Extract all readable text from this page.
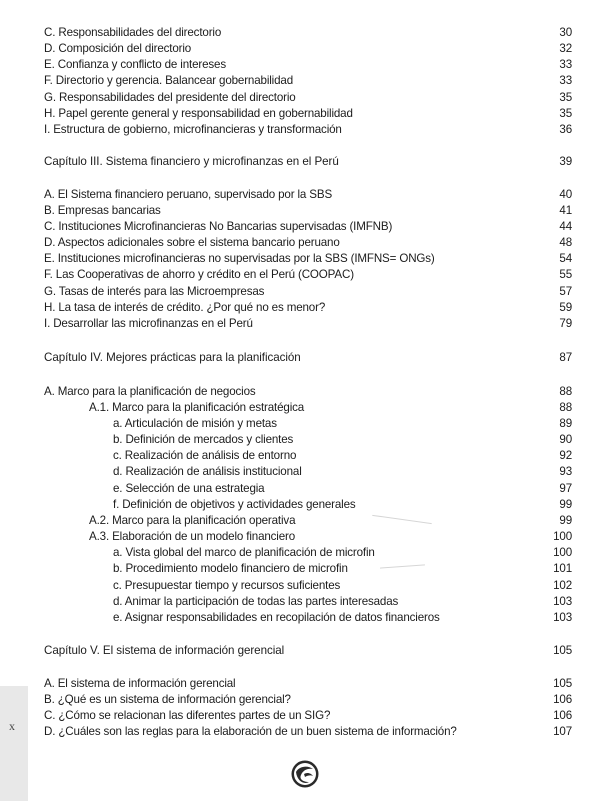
C. Responsabilidades del directorio	30
D. Composición del directorio	32
E. Confianza y conflicto de intereses	33
F. Directorio y gerencia. Balancear gobernabilidad	33
G. Responsabilidades del presidente del directorio	35
H. Papel gerente general y responsabilidad en gobernabilidad	35
I. Estructura de gobierno, microfinancieras y transformación	36
Capítulo III. Sistema financiero y microfinanzas en el Perú	39
A. El Sistema financiero peruano, supervisado por la SBS	40
B. Empresas bancarias	41
C. Instituciones Microfinancieras No Bancarias supervisadas (IMFNB)	44
D. Aspectos adicionales sobre el sistema bancario peruano	48
E. Instituciones microfinancieras no supervisadas por la SBS (IMFNS= ONGs)	54
F. Las Cooperativas de ahorro y crédito en el Perú (COOPAC)	55
G. Tasas de interés para las Microempresas	57
H. La tasa de interés de crédito. ¿Por qué no es menor?	59
I. Desarrollar las microfinanzas en el Perú	79
Capítulo IV. Mejores prácticas para la planificación	87
A. Marco para la planificación de negocios	88
A.1. Marco para la planificación estratégica	88
a. Articulación de misión y metas	89
b. Definición de mercados y clientes	90
c. Realización de análisis de entorno	92
d. Realización de análisis institucional	93
e. Selección de una estrategia	97
f. Definición de objetivos y actividades generales	99
A.2. Marco para la planificación operativa	99
A.3. Elaboración de un modelo financiero	100
a. Vista global del marco de planificación de microfin	100
b. Procedimiento modelo financiero de microfin	101
c. Presupuestar tiempo y recursos suficientes	102
d. Animar la participación de todas las partes interesadas	103
e. Asignar responsabilidades en recopilación de datos financieros	103
Capítulo V. El sistema de información gerencial	105
A. El sistema de información gerencial	105
B. ¿Qué es un sistema de información gerencial?	106
C. ¿Cómo se relacionan las diferentes partes de un SIG?	106
D. ¿Cuáles son las reglas para la elaboración de un buen sistema de información?	107
x
